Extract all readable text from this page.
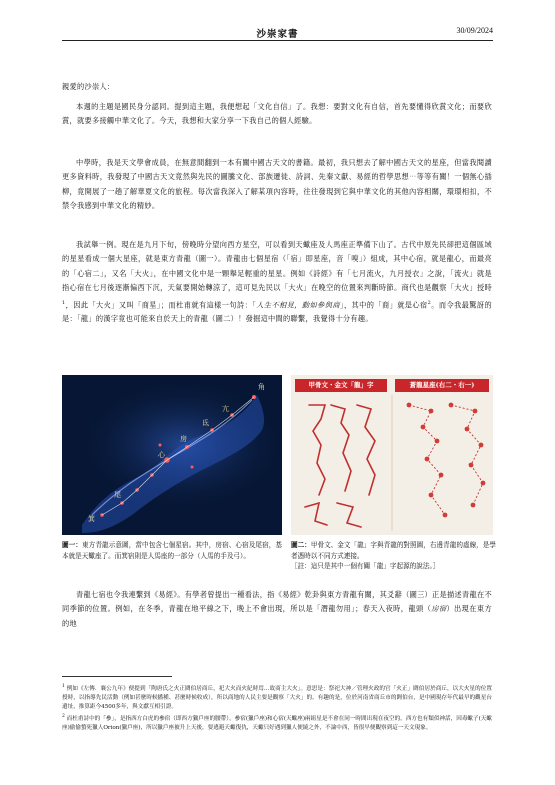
沙崇家書	30/09/2024
親愛的沙崇人：
本週的主題是國民身分認同。提到這主題，我便想起「文化自信」了。我想：要對文化有自信，首先要懂得欣賞文化；而要欣賞，就要多接觸中華文化了。今天，我想和大家分享一下我自己的個人經驗。
中學時，我是天文學會成員，在無意間翻到一本有關中國古天文的書籍。最初，我只想去了解中國古天文的星座，但當我閱讀更多資料時，我發現了中國古天文竟然與先民的圖騰文化、部族遷徙、詩詞、先秦文獻、易經的哲學思想⋯等等有關！一個無心插柳，竟開展了一趟了解華夏文化的旅程。每次當我深入了解某項內容時，往往發現到它與中華文化的其他內容相關，環環相扣，不禁令我感到中華文化的精妙。
我試舉一例。現在是九月下旬，傍晚時分望向西方星空，可以看到天蠍座及人馬座正準備下山了。古代中原先民卻把這個區域的星星看成一個大星座，就是東方青龍（圖一）。青龍由七個星宿（「宿」即星座，音「嗅」）組成，其中心宿，就是龍心，而最亮的「心宿二」，又名「大火」，在中國文化中是一顆舉足輕重的星星。例如《詩經》有「七月流火，九月授衣」之說，「流火」就是指心宿在七月後逐漸偏西下沉，天氣要開始轉涼了，這可見先民以「大火」在晚空的位置來判斷時節。商代也是觀察「大火」授時$^1$，因此「大火」又叫「商星」；而杜甫就有這樣一句詩：「人生不相見，動如參與商」，其中的「商」就是心宿$^2$。而令我最驚訝的是：「龍」的漢字竟也可能來自於天上的青龍（圖二）！發掘這中間的聯繫，我覺得十分有趣。
角
亢
氐
房
心
尾
箕
甲骨文・金文「龍」字	蒼龍星座(右二・右一)
圖一：東方青龍示意圖，當中包含七個星宿。其中，房宿、心宿及尾宿，基本就是天蠍座了。而箕宿則是人馬座的一部分（人馬的手及弓）。
圖二：甲骨文、金文「龍」字與青龍的對照圖，右邊青龍的虛線，是學者憑時以不同方式連接。
［註：這只是其中一個有關「龍」字起源的說法。］
青龍七宿也令我連繫到《易經》。有學者曾提出一種看法，指《易經》乾卦與東方青龍有關，其爻辭（圖三）正是描述青龍在不同季節的位置。例如，在冬季，青龍在地平線之下，晚上不會出現，所以是「潛龍勿用」；春天入夜時，龍頭（房宿）出現在東方的地
$^1$ 例如《左傳．襄公九年》便提到「陶唐氏之火正閼伯居商丘，祀大火而火紀時焉…故商主大火」。意思是：祭祀大神／管理火政的官「火正」閼伯居於商丘，以大火星的位置授時，以指導先民活動（例如甚麼時候播種、甚麼時候收成），所以商地的人民主要是觀察「大火」的。有趣的是，位於河南省商丘市的閼伯台，是中國現存年代最早的觀星台遺址，推算距今4500多年，與文獻互相引證。
$^2$ 而杜甫詩中的「參」，是指西方白虎的參宿（即西方獵戶座的腰帶），參宿(獵戶座)和心宿(天蠍座)兩組星是不會在同一時間出現在夜空的。西方也有類似神話，因毒蠍子(天蠍座)偷偷螫死獵人Orion(獵戶座)，所以獵戶座被升上天後，要逃避天蠍復仇，天蠍只好遇到獵人便繞之外，不論中西，皆很早便觀察到這一天文現象。
